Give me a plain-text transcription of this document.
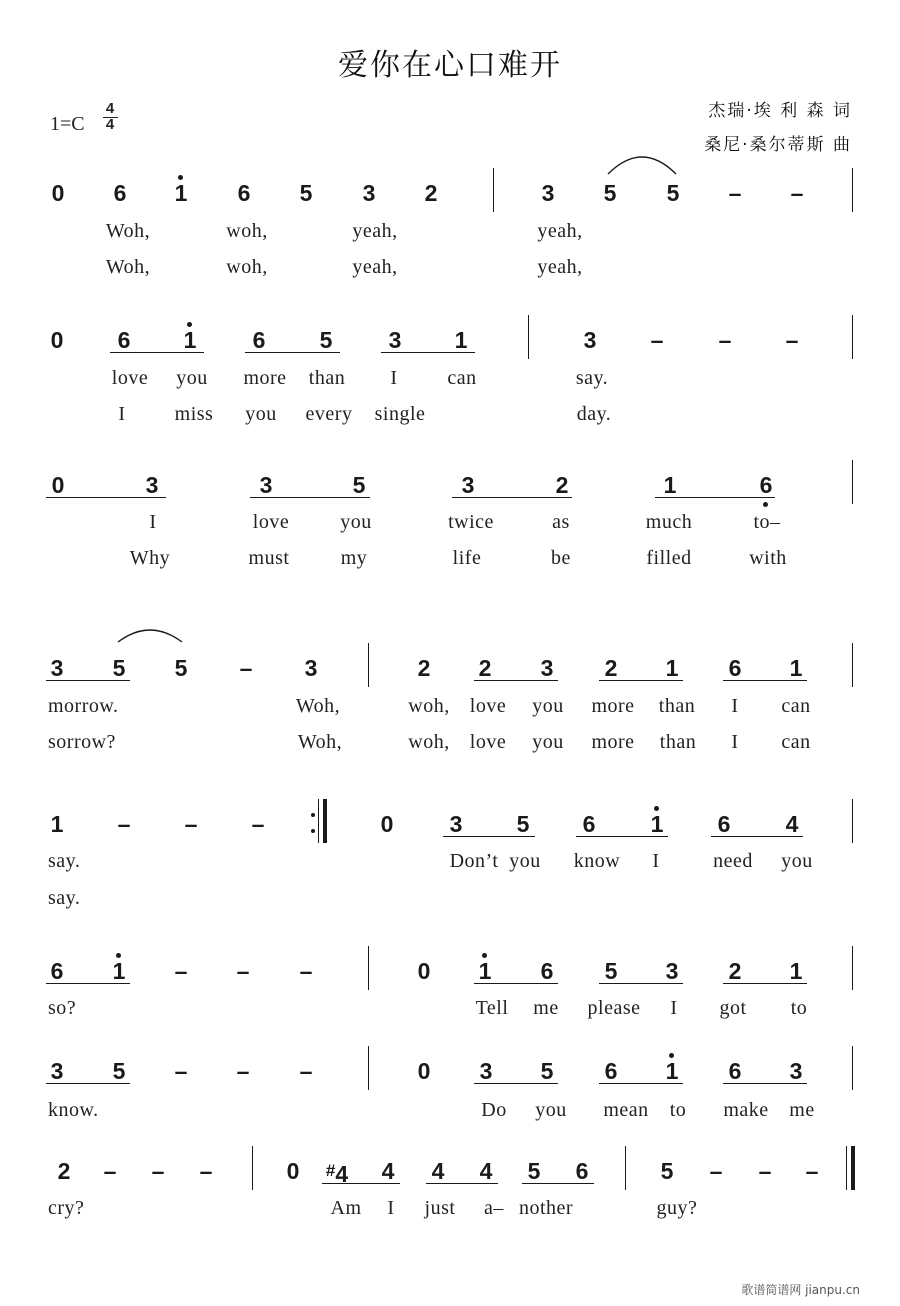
爱你在心口难开
杰瑞·埃 利 森 词
桑尼·桑尔蒂斯 曲
1=C
4
4
0	6	1	6	5	3	2	3	5	5	–	–
Woh,	woh,	yeah,	yeah,
Woh,	woh,	yeah,	yeah,
0	6	1	6	5	3	1	3	–	–	–
love you more than I can	say.
I miss you every single	day.
0	3	3	5	3	2	1	6
I	love	you	twice	as	much	to–
Why	must	my	life	be	filled	with
3	5	5	–	3	2	2	3	2	1	6	1
morrow.	Woh,	woh, love you more than I can
sorrow?	Woh,	woh, love you more than I can
1	–	–	–	0	3	5	6	1	6	4
say.	Don’t you know I	need you
say.
6	1	–	–	–	0	1	6	5	3	2	1
so?	Tell me please I got to
3	5	–	–	–	0	3	5	6	1	6	3
know.	Do you mean to make me
2	–	–	–	0	#4	4	4	4	5	6	5	–	–	–
cry?	Am I just a– nother	guy?
歌谱简谱网 jianpu.cn
